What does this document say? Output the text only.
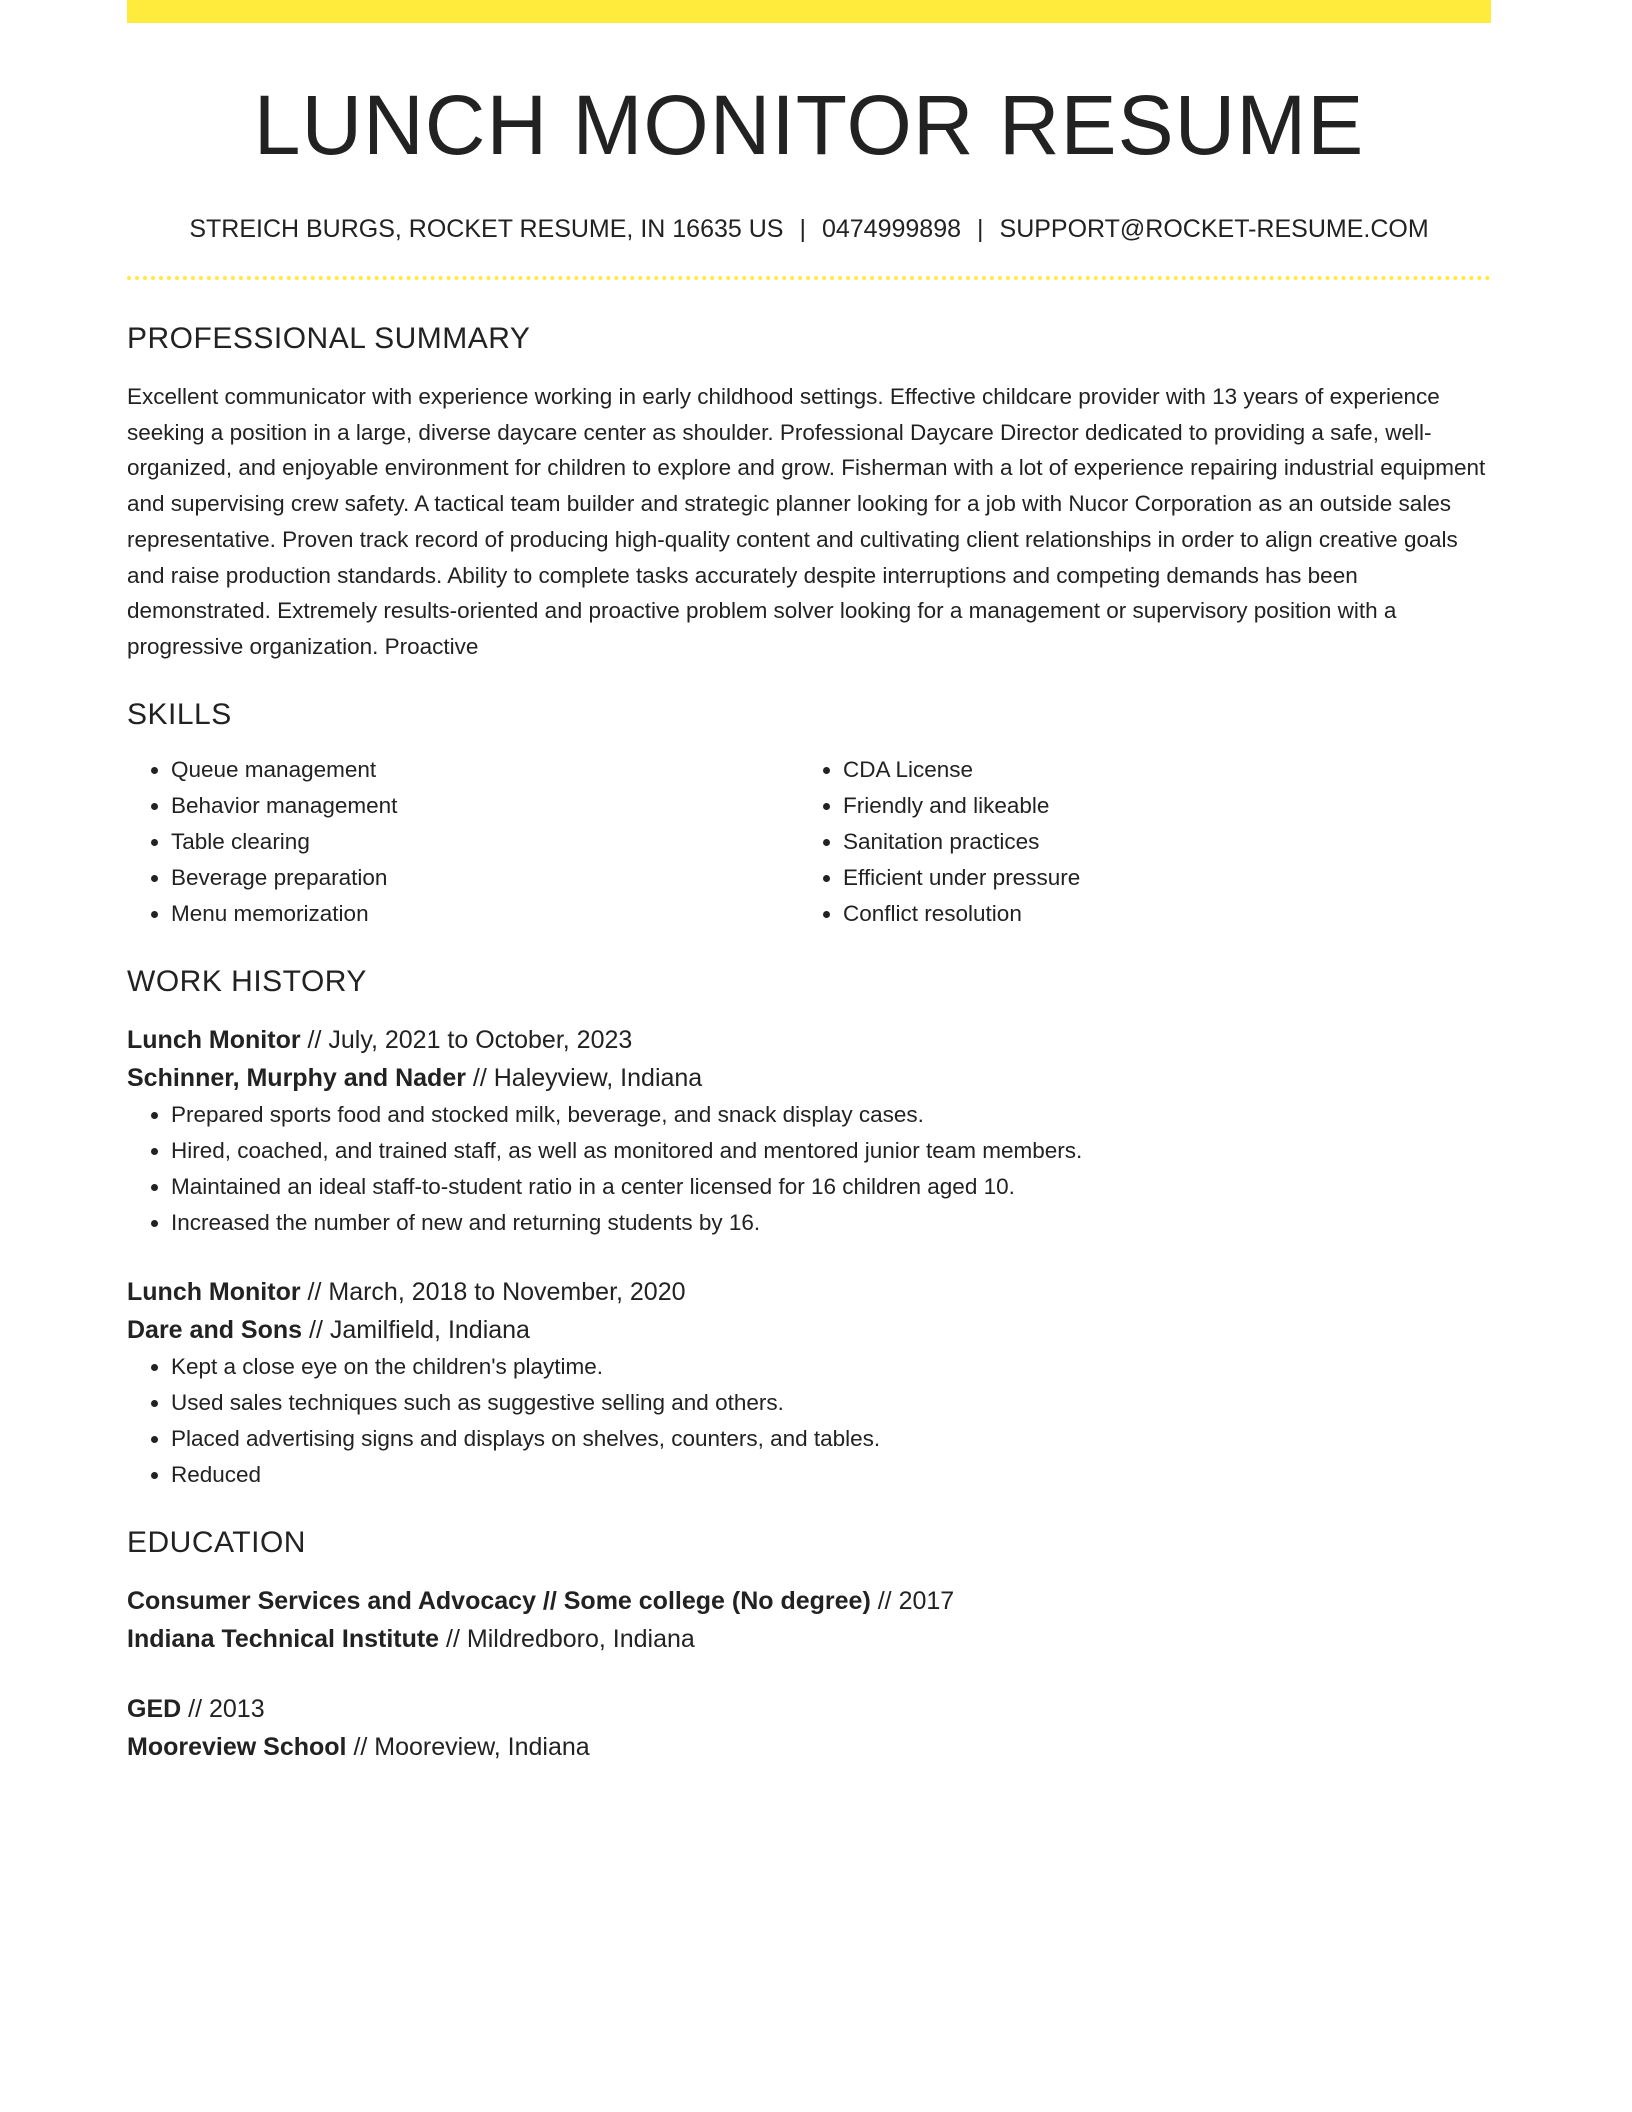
LUNCH MONITOR RESUME
STREICH BURGS, ROCKET RESUME, IN 16635 US | 0474999898 | SUPPORT@ROCKET-RESUME.COM
PROFESSIONAL SUMMARY

Excellent communicator with experience working in early childhood settings. Effective childcare provider with 13 years of experience seeking a position in a large, diverse daycare center as shoulder. Professional Daycare Director dedicated to providing a safe, well-organized, and enjoyable environment for children to explore and grow. Fisherman with a lot of experience repairing industrial equipment and supervising crew safety. A tactical team builder and strategic planner looking for a job with Nucor Corporation as an outside sales representative. Proven track record of producing high-quality content and cultivating client relationships in order to align creative goals and raise production standards. Ability to complete tasks accurately despite interruptions and competing demands has been demonstrated. Extremely results-oriented and proactive problem solver looking for a management or supervisory position with a progressive organization. Proactive

SKILLS
• Queue management
• Behavior management
• Table clearing
• Beverage preparation
• Menu memorization
• CDA License
• Friendly and likeable
• Sanitation practices
• Efficient under pressure
• Conflict resolution
WORK HISTORY
Lunch Monitor // July, 2021 to October, 2023
Schinner, Murphy and Nader // Haleyview, Indiana
• Prepared sports food and stocked milk, beverage, and snack display cases.
• Hired, coached, and trained staff, as well as monitored and mentored junior team members.
• Maintained an ideal staff-to-student ratio in a center licensed for 16 children aged 10.
• Increased the number of new and returning students by 16.
Lunch Monitor // March, 2018 to November, 2020
Dare and Sons // Jamilfield, Indiana
• Kept a close eye on the children's playtime.
• Used sales techniques such as suggestive selling and others.
• Placed advertising signs and displays on shelves, counters, and tables.
• Reduced
EDUCATION
Consumer Services and Advocacy // Some college (No degree) // 2017
Indiana Technical Institute // Mildredboro, Indiana
GED // 2013
Mooreview School // Mooreview, Indiana
